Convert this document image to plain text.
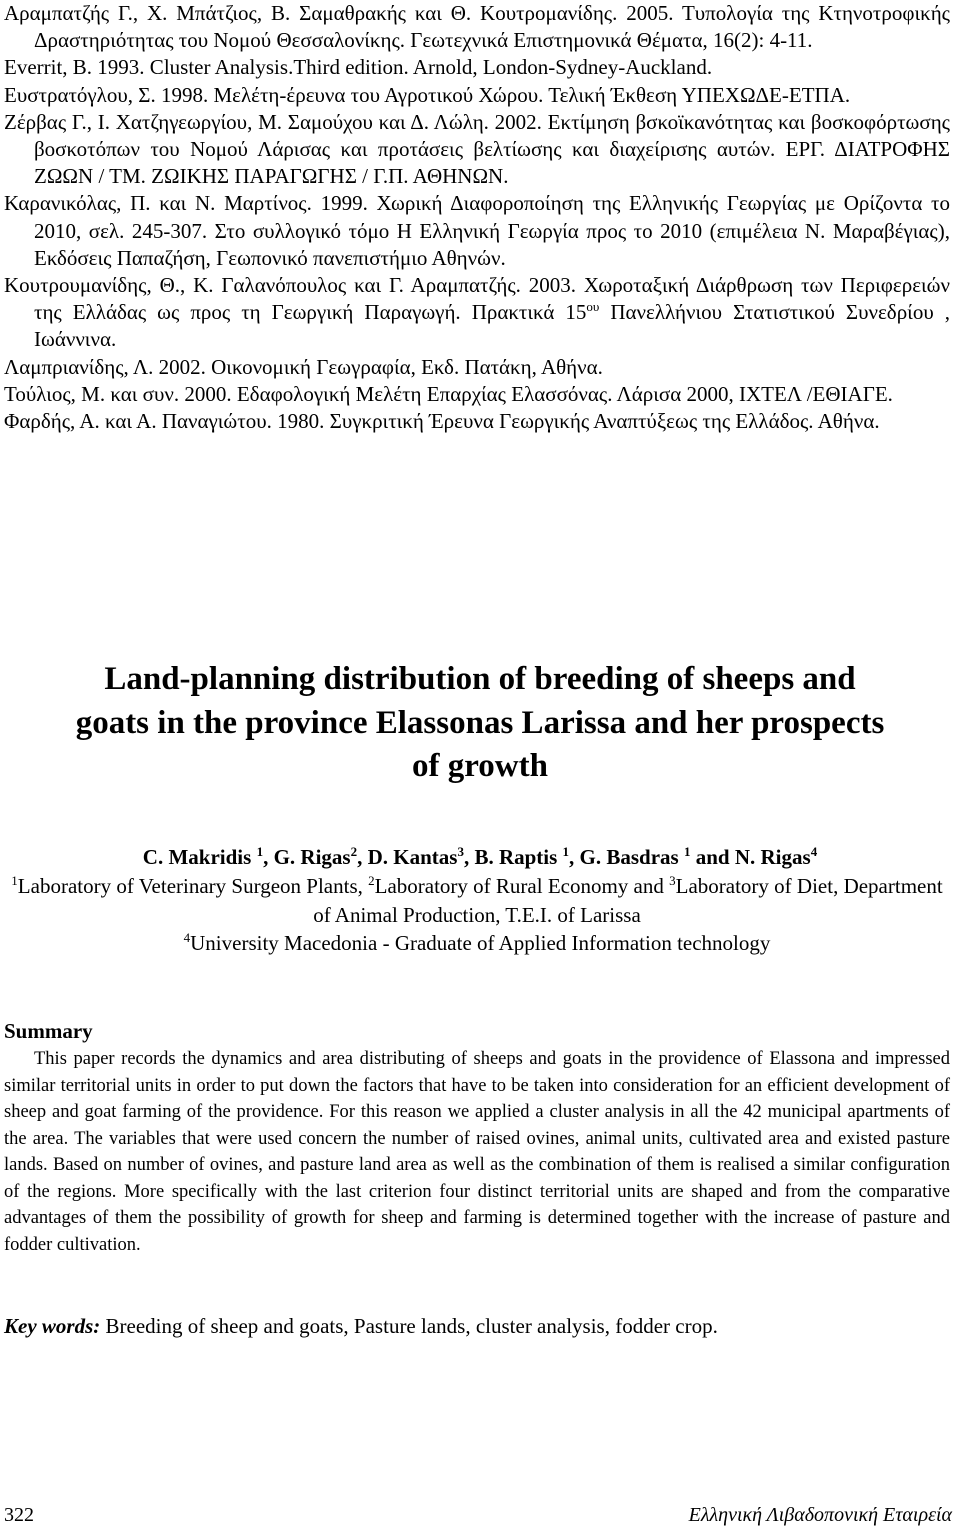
Αραμπατζής Γ., Χ. Μπάτζιος, Β. Σαμαθρακής και Θ. Κουτρομανίδης. 2005. Τυπολογία της Κτηνοτροφικής Δραστηριότητας του Νομού Θεσσαλονίκης. Γεωτεχνικά Επιστημονικά Θέματα, 16(2): 4-11.

Everrit, B. 1993. Cluster Analysis.Third edition. Arnold, London-Sydney-Auckland.

Ευστρατόγλου, Σ. 1998. Μελέτη-έρευνα του Αγροτικού Χώρου. Τελική Έκθεση ΥΠΕΧΩΔΕ-ΕΤΠΑ.

Ζέρβας Γ., Ι. Χατζηγεωργίου, Μ. Σαμούχου και Δ. Λώλη. 2002. Εκτίμηση βσκοϊκανότητας και βοσκοφόρτωσης βοσκοτόπων του Νομού Λάρισας και προτάσεις βελτίωσης και διαχείρισης αυτών. ΕΡΓ. ΔΙΑΤΡΟΦΗΣ ΖΩΩΝ / ΤΜ. ΖΩΙΚΗΣ ΠΑΡΑΓΩΓΗΣ / Γ.Π. ΑΘΗΝΩΝ.

Καρανικόλας, Π. και Ν. Μαρτίνος. 1999. Χωρική Διαφοροποίηση της Ελληνικής Γεωργίας με Ορίζοντα το 2010, σελ. 245-307. Στο συλλογικό τόμο Η Ελληνική Γεωργία προς το 2010 (επιμέλεια Ν. Μαραβέγιας), Εκδόσεις Παπαζήση, Γεωπονικό πανεπιστήμιο Αθηνών.

Κουτρουμανίδης, Θ., Κ. Γαλανόπουλος και Γ. Αραμπατζής. 2003. Χωροταξική Διάρθρωση των Περιφερειών της Ελλάδας ως προς τη Γεωργική Παραγωγή. Πρακτικά $15^{o\upsilon}$ Πανελλήνιου Στατιστικού Συνεδρίου , Ιωάννινα.

Λαμπριανίδης, Λ. 2002. Οικονομική Γεωγραφία, Εκδ. Πατάκη, Αθήνα.

Τούλιος, Μ. και συν. 2000. Εδαφολογική Μελέτη Επαρχίας Ελασσόνας. Λάρισα 2000, ΙΧΤΕΛ /ΕΘΙΑΓΕ.

Φαρδής, Α. και Α. Παναγιώτου. 1980. Συγκριτική Έρευνα Γεωργικής Αναπτύξεως της Ελλάδος. Αθήνα.

Land-planning distribution of breeding of sheeps and
goats in the province Elassonas Larissa and her prospects
of growth
C. Makridis $^1$, G. Rigas$^2$, D. Kantas$^3$, B. Raptis $^1$, G. Basdras $^1$ and N. Rigas$^4$
$^1$Laboratory of Veterinary Surgeon Plants, $^2$Laboratory of Rural Economy and $^3$Laboratory of Diet, Department of Animal Production, T.E.I. of Larissa
$^4$University Macedonia - Graduate of Applied Information technology
Summary

This paper records the dynamics and area distributing of sheeps and goats in the providence of Elassona and impressed similar territorial units in order to put down the factors that have to be taken into consideration for an efficient development of sheep and goat farming of the providence. For this reason we applied a cluster analysis in all the 42 municipal apartments of the area. The variables that were used concern the number of raised ovines, animal units, cultivated area and existed pasture lands. Based on number of ovines, and pasture land area as well as the combination of them is realised a similar configuration of the regions. More specifically with the last criterion four distinct territorial units are shaped and from the comparative advantages of them the possibility of growth for sheep and farming is determined together with the increase of pasture and fodder cultivation.

Key words: Breeding of sheep and goats, Pasture lands, cluster analysis, fodder crop.
322	Ελληνική Λιβαδοπονική Εταιρεία
